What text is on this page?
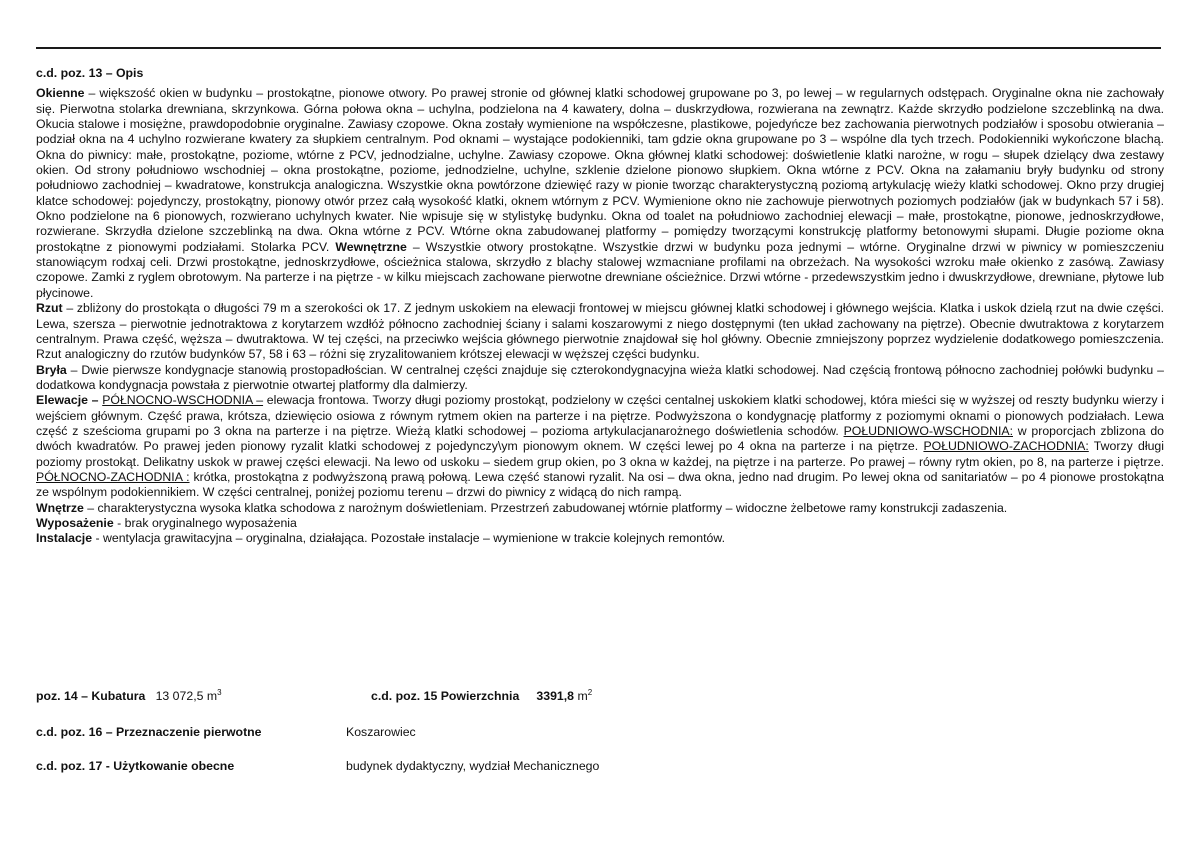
c.d. poz. 13 – Opis

Okienne – większość okien w budynku – prostokątne, pionowe otwory. Po prawej stronie od głównej klatki schodowej grupowane po 3, po lewej – w regularnych odstępach. Oryginalne okna nie zachowały się. Pierwotna stolarka drewniana, skrzynkowa. Górna połowa okna – uchylna, podzielona na 4 kawatery, dolna – duskrzydłowa, rozwierana na zewnątrz. Każde skrzydło podzielone szczeblinką na dwa. Okucia stalowe i mosiężne, prawdopodobnie oryginalne. Zawiasy czopowe. Okna zostały wymienione na współczesne, plastikowe, pojedyńcze bez zachowania pierwotnych podziałów i sposobu otwierania – podział okna na 4 uchylno rozwierane kwatery za słupkiem centralnym. Pod oknami – wystające podokienniki, tam gdzie okna grupowane po 3 – wspólne dla tych trzech. Podokienniki wykończone blachą. Okna do piwnicy: małe, prostokątne, poziome, wtórne z PCV, jednodzialne, uchylne. Zawiasy czopowe. Okna głównej klatki schodowej: doświetlenie klatki narożne, w rogu – słupek dzielący dwa zestawy okien. Od strony południowo wschodniej – okna prostokątne, poziome, jednodzielne, uchylne, szklenie dzielone pionowo słupkiem. Okna wtórne z PCV. Okna na załamaniu bryły budynku od strony południowo zachodniej – kwadratowe, konstrukcja analogiczna. Wszystkie okna powtórzone dziewięć razy w pionie tworząc charakterystyczną poziomą artykulację wieży klatki schodowej. Okno przy drugiej klatce schodowej: pojedynczy, prostokątny, pionowy otwór przez całą wysokość klatki, oknem wtórnym z PCV. Wymienione okno nie zachowuje pierwotnych poziomych podziałów (jak w budynkach 57 i 58). Okno podzielone na 6 pionowych, rozwierano uchylnych kwater. Nie wpisuje się w stylistykę budynku. Okna od toalet na południowo zachodniej elewacji – małe, prostokątne, pionowe, jednoskrzydłowe, rozwierane. Skrzydła dzielone szczeblinką na dwa. Okna wtórne z PCV. Wtórne okna zabudowanej platformy – pomiędzy tworzącymi konstrukcję platformy betonowymi słupami. Długie poziome okna prostokątne z pionowymi podziałami. Stolarka PCV. Wewnętrzne – Wszystkie otwory prostokątne. Wszystkie drzwi w budynku poza jednymi – wtórne. Oryginalne drzwi w piwnicy w pomieszczeniu stanowiącym rodxaj celi. Drzwi prostokątne, jednoskrzydłowe, ościeżnica stalowa, skrzydło z blachy stalowej wzmacniane profilami na obrzeżach. Na wysokości wzroku małe okienko z zasówą. Zawiasy czopowe. Zamki z ryglem obrotowym. Na parterze i na piętrze - w kilku miejscach zachowane pierwotne drewniane ościeżnice. Drzwi wtórne - przedewszystkim jedno i dwuskrzydłowe, drewniane, płytowe lub płycinowe.

Rzut – zbliżony do prostokąta o długości 79 m a szerokości ok 17. Z jednym uskokiem na elewacji frontowej w miejscu głównej klatki schodowej i głównego wejścia. Klatka i uskok dzielą rzut na dwie części. Lewa, szersza – pierwotnie jednotraktowa z korytarzem wzdłóż północno zachodniej ściany i salami koszarowymi z niego dostępnymi (ten układ zachowany na piętrze). Obecnie dwutraktowa z korytarzem centralnym. Prawa część, węższa – dwutraktowa. W tej części, na przeciwko wejścia głównego pierwotnie znajdował się hol główny. Obecnie zmniejszony poprzez wydzielenie dodatkowego pomieszczenia. Rzut analogiczny do rzutów budynków 57, 58 i 63 – różni się zryzalitowaniem krótszej elewacji w węższej części budynku.

Bryła – Dwie pierwsze kondygnacje stanowią prostopadłościan. W centralnej części znajduje się czterokondygnacyjna wieża klatki schodowej. Nad częścią frontową północno zachodniej połówki budynku – dodatkowa kondygnacja powstała z pierwotnie otwartej platformy dla dalmierzy.

Elewacje – PÓŁNOCNO-WSCHODNIA – elewacja frontowa. Tworzy długi poziomy prostokąt, podzielony w części centalnej uskokiem klatki schodowej, która mieści się w wyższej od reszty budynku wierzy i wejściem głównym. Część prawa, krótsza, dziewięcio osiowa z równym rytmem okien na parterze i na piętrze. Podwyższona o kondygnację platformy z poziomymi oknami o pionowych podziałach. Lewa część z sześcioma grupami po 3 okna na parterze i na piętrze. Wieżą klatki schodowej – pozioma artykulacjanarożnego doświetlenia schodów. POŁUDNIOWO-WSCHODNIA: w proporcjach zblizona do dwóch kwadratów. Po prawej jeden pionowy ryzalit klatki schodowej z pojedynczy\ym pionowym oknem. W części lewej po 4 okna na parterze i na piętrze. POŁUDNIOWO-ZACHODNIA: Tworzy długi poziomy prostokąt. Delikatny uskok w prawej części elewacji. Na lewo od uskoku – siedem grup okien, po 3 okna w każdej, na piętrze i na parterze. Po prawej – równy rytm okien, po 8, na parterze i piętrze. PÓŁNOCNO-ZACHODNIA : krótka, prostokątna z podwyższoną prawą połową. Lewa część stanowi ryzalit. Na osi – dwa okna, jedno nad drugim. Po lewej okna od sanitariatów – po 4 pionowe prostokątna ze wspólnym podokiennikiem. W części centralnej, poniżej poziomu terenu – drzwi do piwnicy z widącą do nich rampą.

Wnętrze – charakterystyczna wysoka klatka schodowa z narożnym doświetleniam. Przestrzeń zabudowanej wtórnie platformy – widoczne żelbetowe ramy konstrukcji zadaszenia.

Wyposażenie - brak oryginalnego wyposażenia

Instalacje - wentylacja grawitacyjna – oryginalna, działająca. Pozostałe instalacje – wymienione w trakcie kolejnych remontów.

poz. 14 – Kubatura 13 072,5 $m^3$	c.d. poz. 15 Powierzchnia 3391,8 $m^2$
c.d. poz. 16 – Przeznaczenie pierwotne	Koszarowiec
c.d. poz. 17 - Użytkowanie obecne	budynek dydaktyczny, wydział Mechanicznego
